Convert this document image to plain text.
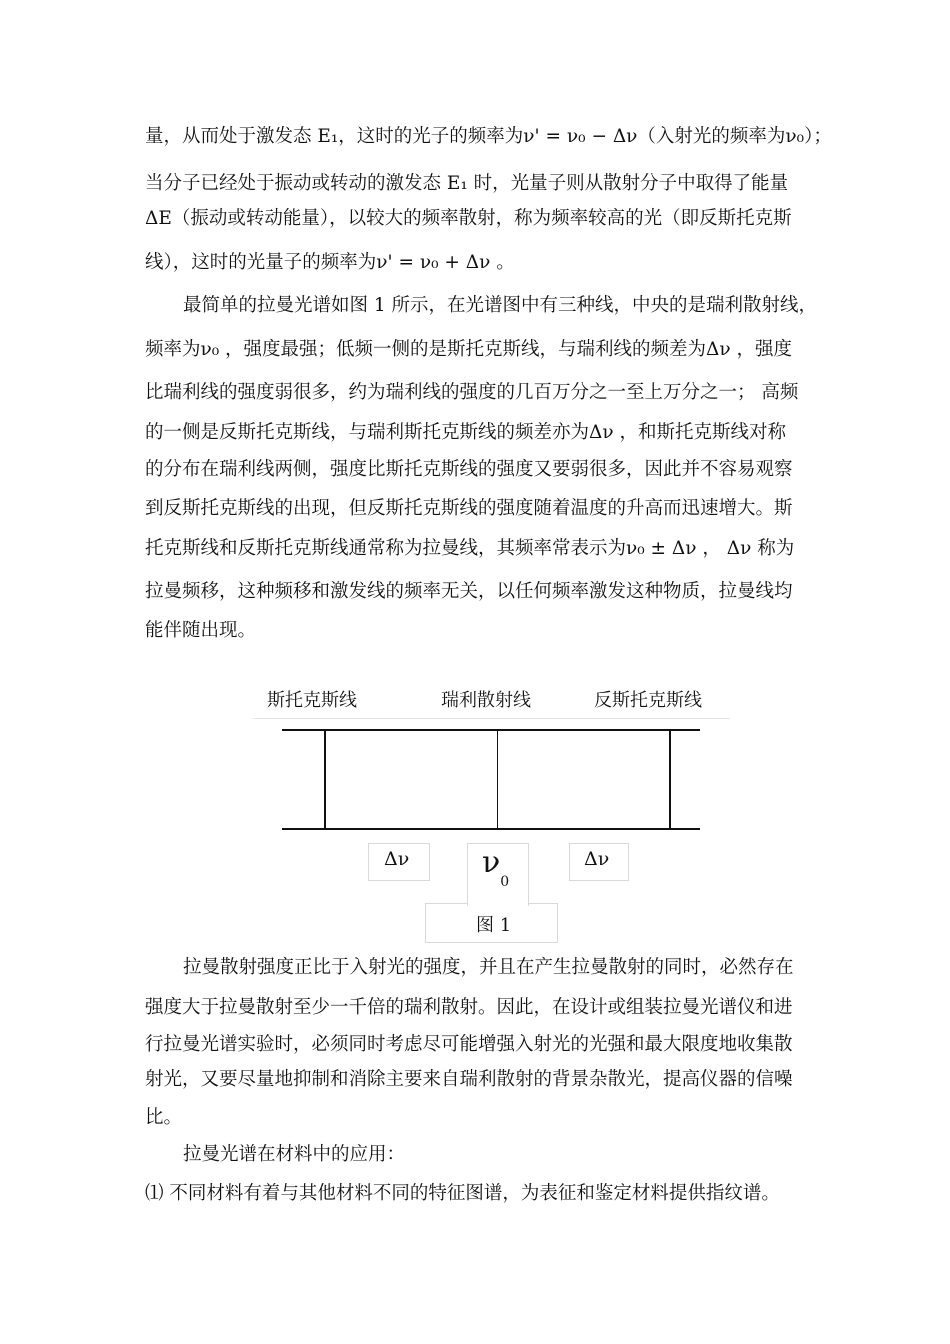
量，从而处于激发态 E₁，这时的光子的频率为ν' = ν₀ − Δν（入射光的频率为ν₀）；
当分子已经处于振动或转动的激发态 E₁ 时，光量子则从散射分子中取得了能量
ΔE（振动或转动能量），以较大的频率散射，称为频率较高的光（即反斯托克斯
线），这时的光量子的频率为ν' = ν₀ + Δν 。
最简单的拉曼光谱如图 1 所示，在光谱图中有三种线，中央的是瑞利散射线，
频率为ν₀ ，强度最强；低频一侧的是斯托克斯线，与瑞利线的频差为Δν ，强度
比瑞利线的强度弱很多，约为瑞利线的强度的几百万分之一至上万分之一； 高频
的一侧是反斯托克斯线，与瑞利斯托克斯线的频差亦为Δν ，和斯托克斯线对称
的分布在瑞利线两侧，强度比斯托克斯线的强度又要弱很多，因此并不容易观察
到反斯托克斯线的出现，但反斯托克斯线的强度随着温度的升高而迅速增大。斯
托克斯线和反斯托克斯线通常称为拉曼线，其频率常表示为ν₀ ± Δν ， Δν 称为
拉曼频移，这种频移和激发线的频率无关，以任何频率激发这种物质，拉曼线均
能伴随出现。
斯托克斯线	瑞利散射线	反斯托克斯线
Δν $\nu_0$
Δν
图 1
拉曼散射强度正比于入射光的强度，并且在产生拉曼散射的同时，必然存在
强度大于拉曼散射至少一千倍的瑞利散射。因此，在设计或组装拉曼光谱仪和进
行拉曼光谱实验时，必须同时考虑尽可能增强入射光的光强和最大限度地收集散
射光，又要尽量地抑制和消除主要来自瑞利散射的背景杂散光，提高仪器的信噪
比。
拉曼光谱在材料中的应用：
⑴ 不同材料有着与其他材料不同的特征图谱，为表征和鉴定材料提供指纹谱。
